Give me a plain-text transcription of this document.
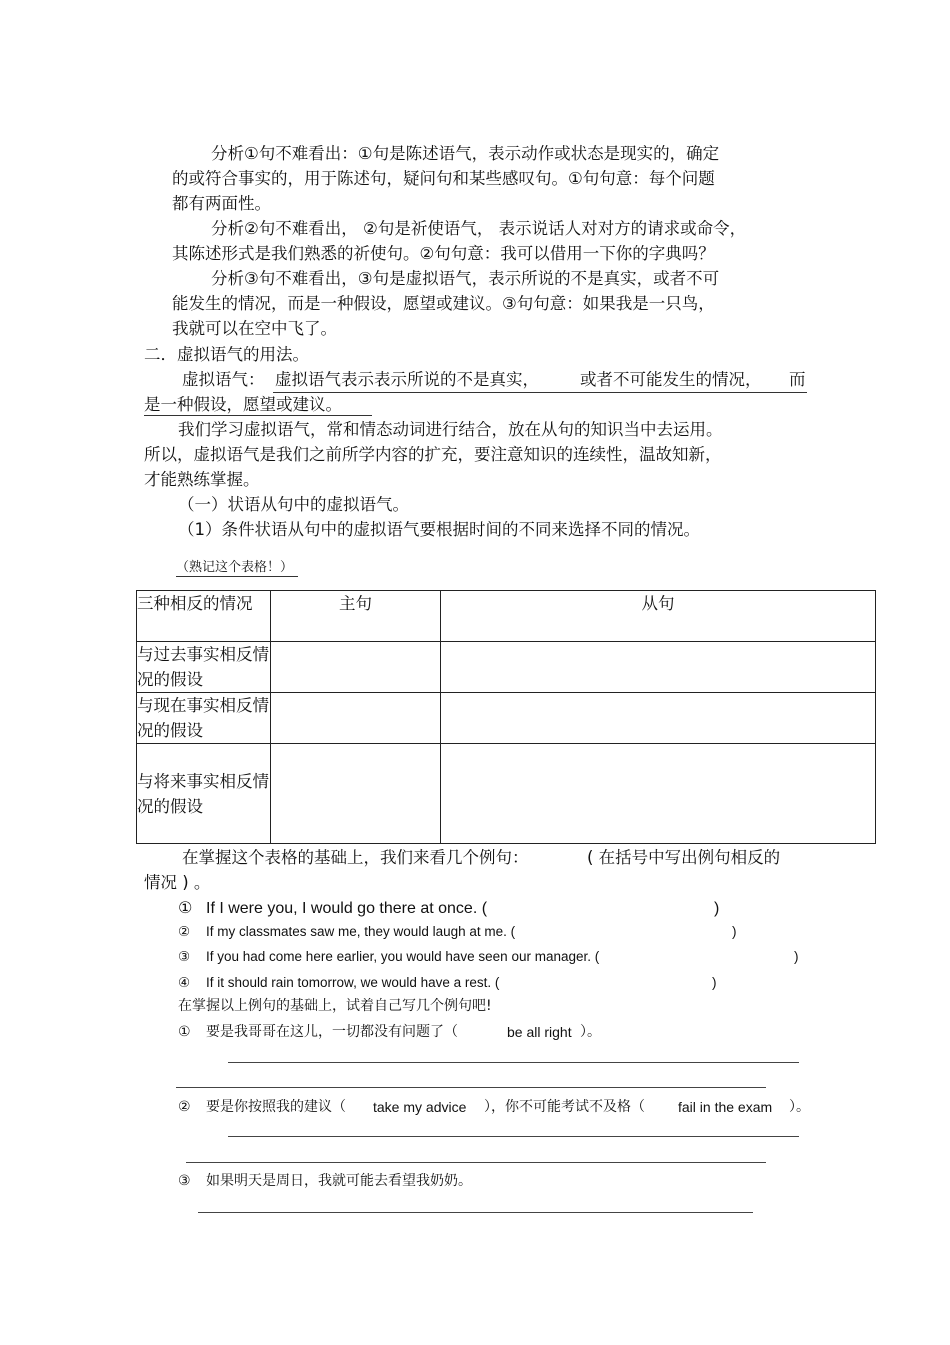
分析①句不难看出：①句是陈述语气，表示动作或状态是现实的，确定
的或符合事实的，用于陈述句，疑问句和某些感叹句。①句句意：每个问题
都有两面性。
分析②句不难看出， ②句是祈使语气， 表示说话人对对方的请求或命令，
其陈述形式是我们熟悉的祈使句。②句句意：我可以借用一下你的字典吗？
分析③句不难看出，③句是虚拟语气，表示所说的不是真实，或者不可
能发生的情况，而是一种假设，愿望或建议。③句句意：如果我是一只鸟，
我就可以在空中飞了。
二．虚拟语气的用法。
虚拟语气： 虚拟语气表示表示所说的不是真实， 或者不可能发生的情况， 而
是一种假设，愿望或建议。
我们学习虚拟语气，常和情态动词进行结合，放在从句的知识当中去运用。
所以，虚拟语气是我们之前所学内容的扩充，要注意知识的连续性，温故知新，
才能熟练掌握。
（一）状语从句中的虚拟语气。
（1）条件状语从句中的虚拟语气要根据时间的不同来选择不同的情况。
（熟记这个表格！）
三种相反的情况	主句	从句
与过去事实相反情况的假设		
与现在事实相反情况的假设		
与将来事实相反情况的假设		
在掌握这个表格的基础上，我们来看几个例句：	( 在括号中写出例句相反的
情况 ) 。
① If I were you, I would go there at once. (	)
② If my classmates saw me, they would laugh at me. (	)
③ If you had come here earlier, you would have seen our manager. (	)
④ If it should rain tomorrow, we would have a rest. (	)
在掌握以上例句的基础上，试着自己写几个例句吧!
① 要是我哥哥在这儿，一切都没有问题了（	be all right ）。
② 要是你按照我的建议（ take my advice ），你不可能考试不及格（ fail in the exam ）。
③ 如果明天是周日，我就可能去看望我奶奶。
